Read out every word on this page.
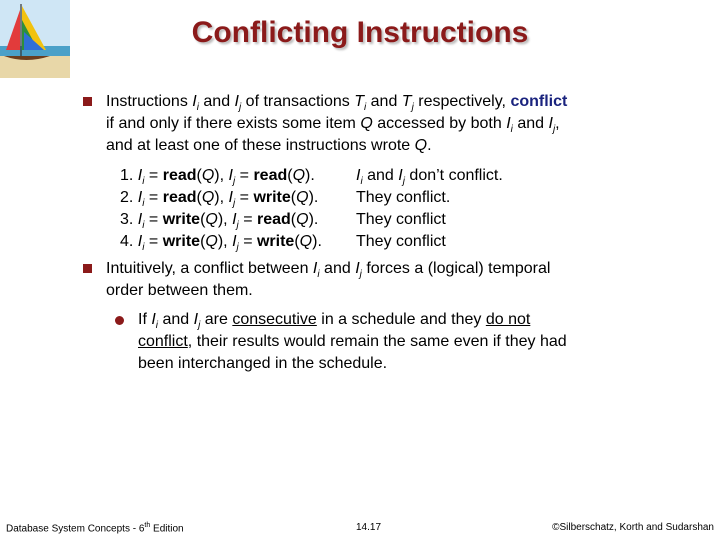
Conflicting Instructions
Instructions $I_i$ and $I_j$ of transactions $T_i$ and $T_j$ respectively, conflict
if and only if there exists some item Q accessed by both $I_i$ and $I_j$,
and at least one of these instructions wrote Q.
1. $I_i$ = read(Q), $I_j$ = read(Q).	$I_i$ and $I_j$ don’t conflict.
2. $I_i$ = read(Q), $I_j$ = write(Q). They conflict.
3. $I_i$ = write(Q), $I_j$ = read(Q). They conflict
4. $I_i$ = write(Q), $I_j$ = write(Q). They conflict
Intuitively, a conflict between $I_i$ and $I_j$ forces a (logical) temporal
order between them.
If $I_i$ and $I_j$ are consecutive in a schedule and they do not
conflict, their results would remain the same even if they had
been interchanged in the schedule.
Database System Concepts - 6th Edition	14.17	©Silberschatz, Korth and Sudarshan
